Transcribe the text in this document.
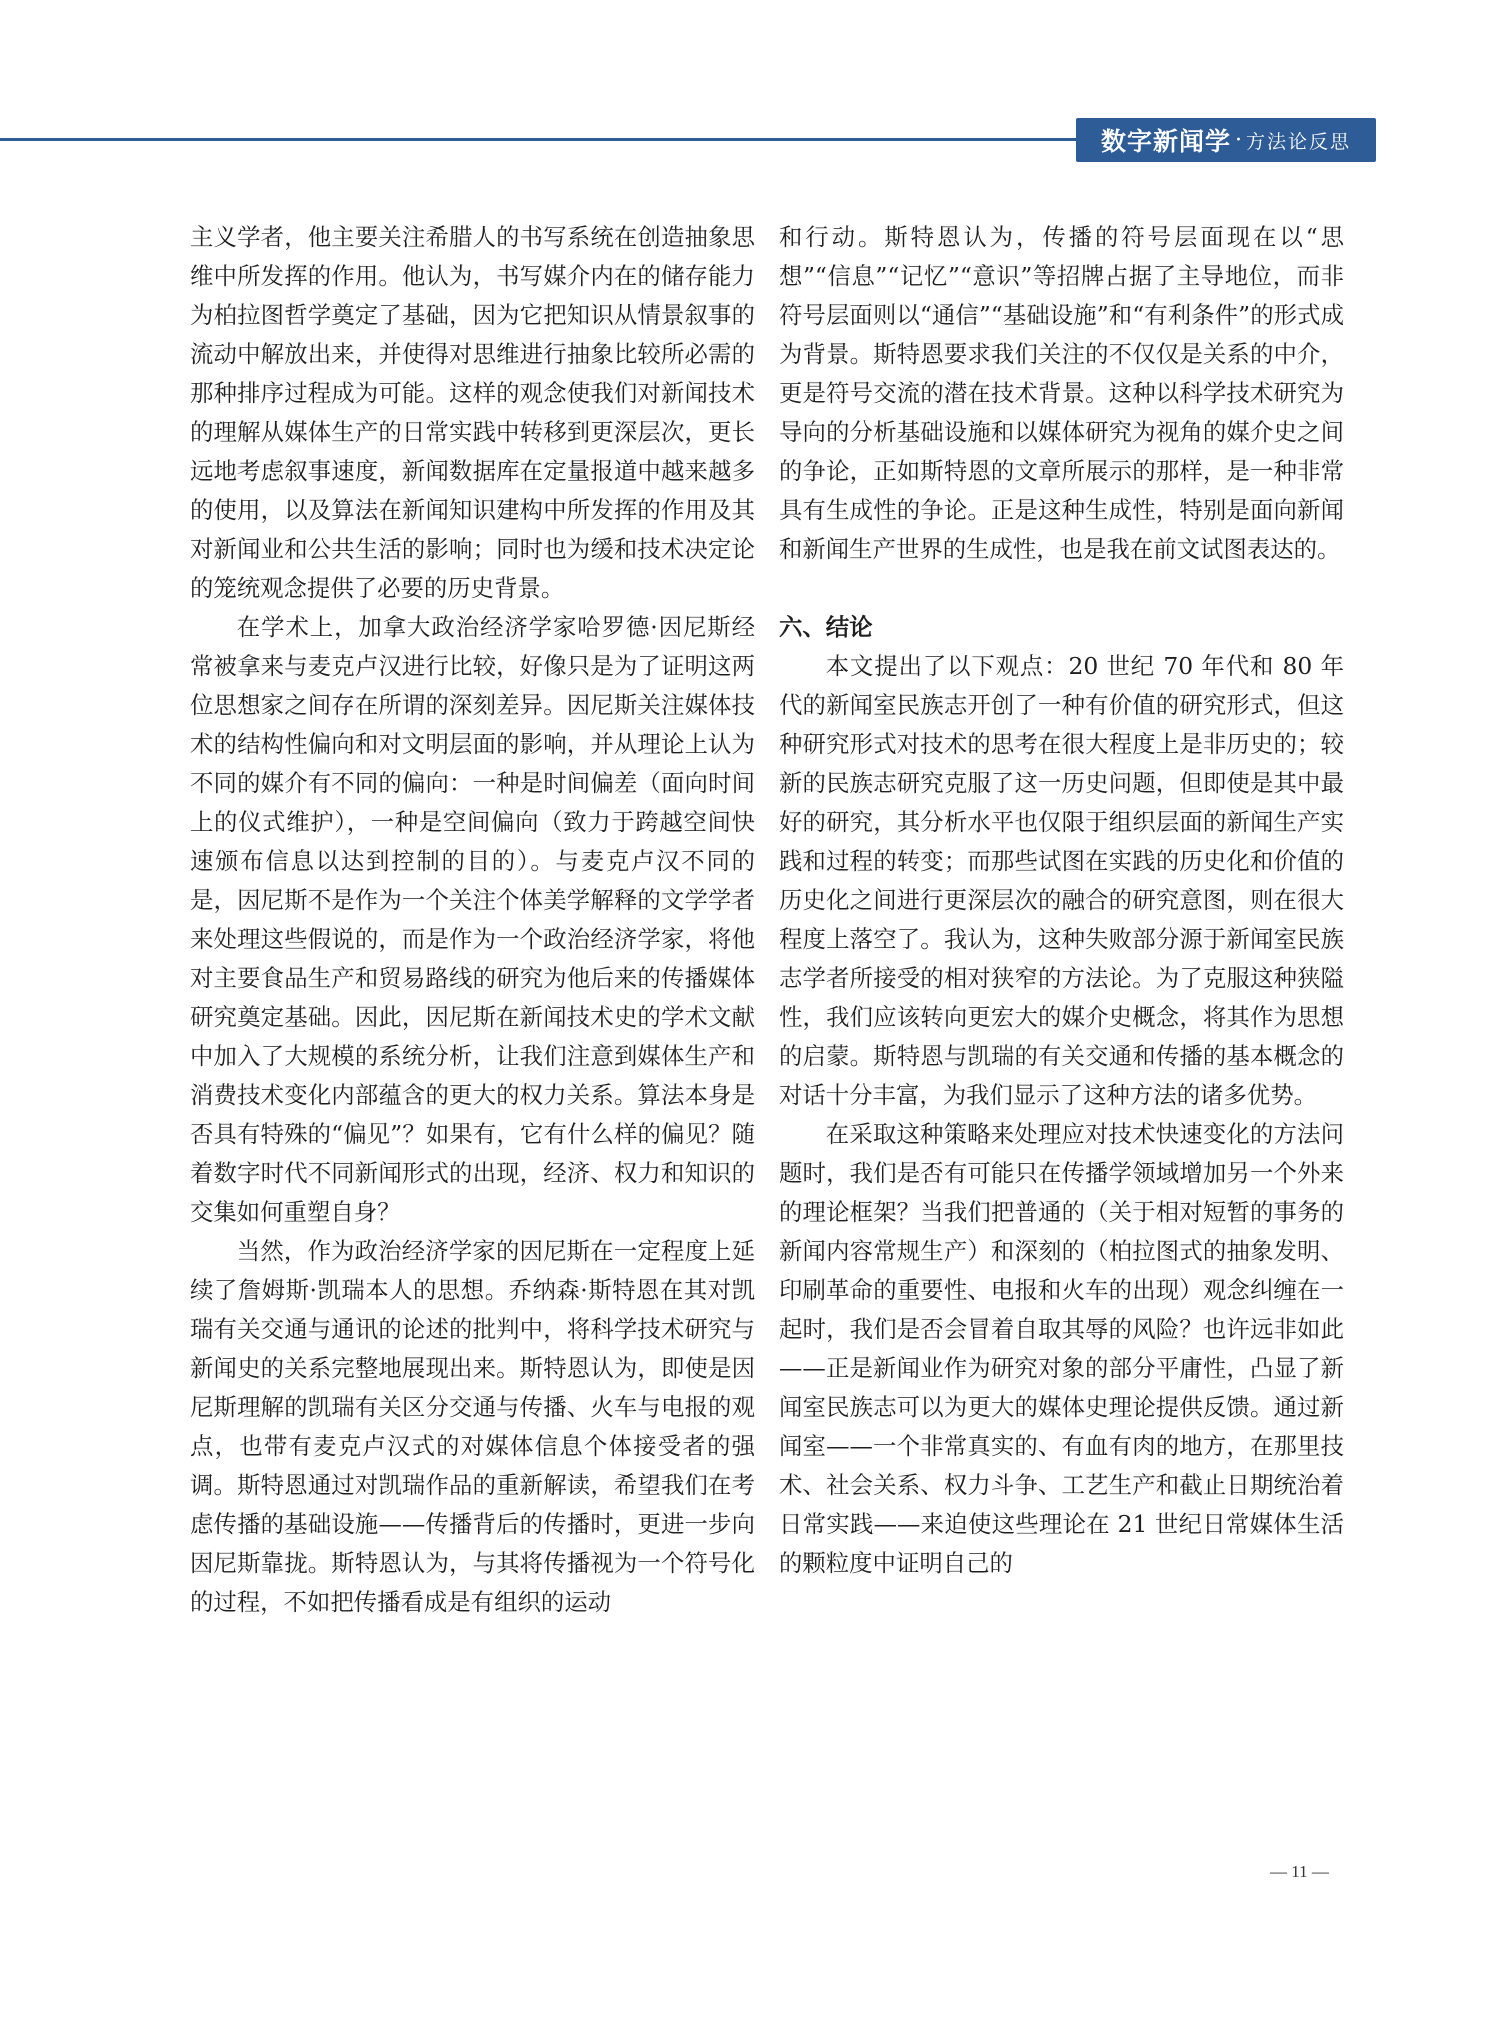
数字新闻学 · 方法论反思

主义学者，他主要关注希腊人的书写系统在创造抽象思维中所发挥的作用。他认为，书写媒介内在的储存能力为柏拉图哲学奠定了基础，因为它把知识从情景叙事的流动中解放出来，并使得对思维进行抽象比较所必需的那种排序过程成为可能。这样的观念使我们对新闻技术的理解从媒体生产的日常实践中转移到更深层次，更长远地考虑叙事速度，新闻数据库在定量报道中越来越多的使用，以及算法在新闻知识建构中所发挥的作用及其对新闻业和公共生活的影响；同时也为缓和技术决定论的笼统观念提供了必要的历史背景。

在学术上，加拿大政治经济学家哈罗德·因尼斯经常被拿来与麦克卢汉进行比较，好像只是为了证明这两位思想家之间存在所谓的深刻差异。因尼斯关注媒体技术的结构性偏向和对文明层面的影响，并从理论上认为不同的媒介有不同的偏向：一种是时间偏差（面向时间上的仪式维护），一种是空间偏向（致力于跨越空间快速颁布信息以达到控制的目的）。与麦克卢汉不同的是，因尼斯不是作为一个关注个体美学解释的文学学者来处理这些假说的，而是作为一个政治经济学家，将他对主要食品生产和贸易路线的研究为他后来的传播媒体研究奠定基础。因此，因尼斯在新闻技术史的学术文献中加入了大规模的系统分析，让我们注意到媒体生产和消费技术变化内部蕴含的更大的权力关系。算法本身是否具有特殊的“偏见”？如果有，它有什么样的偏见？随着数字时代不同新闻形式的出现，经济、权力和知识的交集如何重塑自身？

当然，作为政治经济学家的因尼斯在一定程度上延续了詹姆斯·凯瑞本人的思想。乔纳森·斯特恩在其对凯瑞有关交通与通讯的论述的批判中，将科学技术研究与新闻史的关系完整地展现出来。斯特恩认为，即使是因尼斯理解的凯瑞有关区分交通与传播、火车与电报的观点，也带有麦克卢汉式的对媒体信息个体接受者的强调。斯特恩通过对凯瑞作品的重新解读，希望我们在考虑传播的基础设施——传播背后的传播时，更进一步向因尼斯靠拢。斯特恩认为，与其将传播视为一个符号化的过程，不如把传播看成是有组织的运动

和行动。斯特恩认为，传播的符号层面现在以“思想”“信息”“记忆”“意识”等招牌占据了主导地位，而非符号层面则以“通信”“基础设施”和“有利条件”的形式成为背景。斯特恩要求我们关注的不仅仅是关系的中介，更是符号交流的潜在技术背景。这种以科学技术研究为导向的分析基础设施和以媒体研究为视角的媒介史之间的争论，正如斯特恩的文章所展示的那样，是一种非常具有生成性的争论。正是这种生成性，特别是面向新闻和新闻生产世界的生成性，也是我在前文试图表达的。

六、结论

本文提出了以下观点：20 世纪 70 年代和 80 年代的新闻室民族志开创了一种有价值的研究形式，但这种研究形式对技术的思考在很大程度上是非历史的；较新的民族志研究克服了这一历史问题，但即使是其中最好的研究，其分析水平也仅限于组织层面的新闻生产实践和过程的转变；而那些试图在实践的历史化和价值的历史化之间进行更深层次的融合的研究意图，则在很大程度上落空了。我认为，这种失败部分源于新闻室民族志学者所接受的相对狭窄的方法论。为了克服这种狭隘性，我们应该转向更宏大的媒介史概念，将其作为思想的启蒙。斯特恩与凯瑞的有关交通和传播的基本概念的对话十分丰富，为我们显示了这种方法的诸多优势。

在采取这种策略来处理应对技术快速变化的方法问题时，我们是否有可能只在传播学领域增加另一个外来的理论框架？当我们把普通的（关于相对短暂的事务的新闻内容常规生产）和深刻的（柏拉图式的抽象发明、印刷革命的重要性、电报和火车的出现）观念纠缠在一起时，我们是否会冒着自取其辱的风险？也许远非如此——正是新闻业作为研究对象的部分平庸性，凸显了新闻室民族志可以为更大的媒体史理论提供反馈。通过新闻室——一个非常真实的、有血有肉的地方，在那里技术、社会关系、权力斗争、工艺生产和截止日期统治着日常实践——来迫使这些理论在 21 世纪日常媒体生活的颗粒度中证明自己的

— 11 —
